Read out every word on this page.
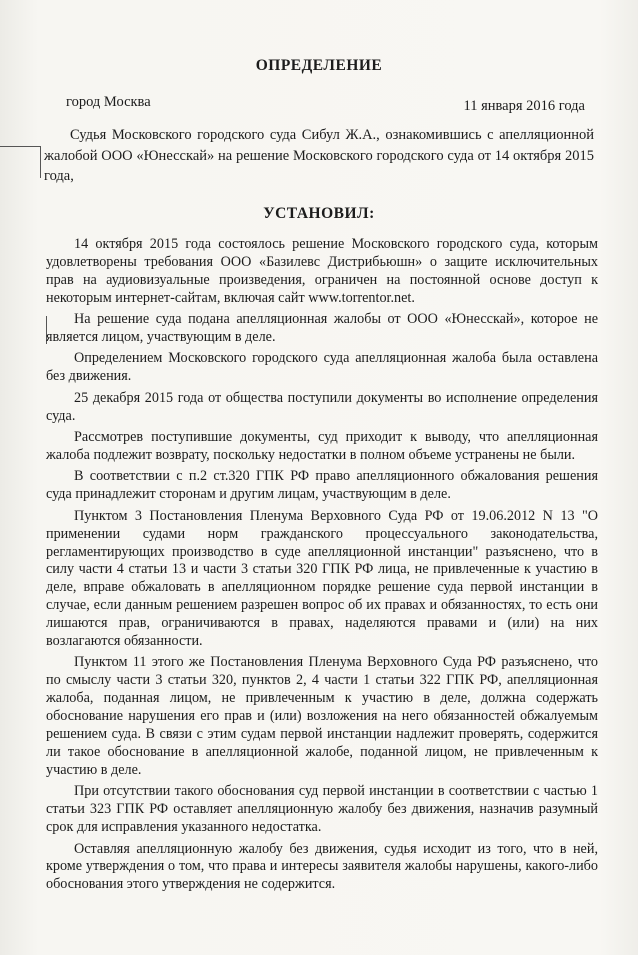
ОПРЕДЕЛЕНИЕ
город Москва	11 января 2016 года
Судья Московского городского суда Сибул Ж.А., ознакомившись с апелляционной жалобой ООО «Юнесскай» на решение Московского городского суда от 14 октября 2015 года,
УСТАНОВИЛ:

14 октября 2015 года состоялось решение Московского городского суда, которым удовлетворены требования ООО «Базилевс Дистрибьюшн» о защите исключительных прав на аудиовизуальные произведения, ограничен на постоянной основе доступ к некоторым интернет-сайтам, включая сайт www.torrentor.net.

На решение суда подана апелляционная жалобы от ООО «Юнесскай», которое не является лицом, участвующим в деле.

Определением Московского городского суда апелляционная жалоба была оставлена без движения.

25 декабря 2015 года от общества поступили документы во исполнение определения суда.

Рассмотрев поступившие документы, суд приходит к выводу, что апелляционная жалоба подлежит возврату, поскольку недостатки в полном объеме устранены не были.

В соответствии с п.2 ст.320 ГПК РФ право апелляционного обжалования решения суда принадлежит сторонам и другим лицам, участвующим в деле.

Пунктом 3 Постановления Пленума Верховного Суда РФ от 19.06.2012 N 13 "О применении судами норм гражданского процессуального законодательства, регламентирующих производство в суде апелляционной инстанции" разъяснено, что в силу части 4 статьи 13 и части 3 статьи 320 ГПК РФ лица, не привлеченные к участию в деле, вправе обжаловать в апелляционном порядке решение суда первой инстанции в случае, если данным решением разрешен вопрос об их правах и обязанностях, то есть они лишаются прав, ограничиваются в правах, наделяются правами и (или) на них возлагаются обязанности.

Пунктом 11 этого же Постановления Пленума Верховного Суда РФ разъяснено, что по смыслу части 3 статьи 320, пунктов 2, 4 части 1 статьи 322 ГПК РФ, апелляционная жалоба, поданная лицом, не привлеченным к участию в деле, должна содержать обоснование нарушения его прав и (или) возложения на него обязанностей обжалуемым решением суда. В связи с этим судам первой инстанции надлежит проверять, содержится ли такое обоснование в апелляционной жалобе, поданной лицом, не привлеченным к участию в деле.

При отсутствии такого обоснования суд первой инстанции в соответствии с частью 1 статьи 323 ГПК РФ оставляет апелляционную жалобу без движения, назначив разумный срок для исправления указанного недостатка.

Оставляя апелляционную жалобу без движения, судья исходит из того, что в ней, кроме утверждения о том, что права и интересы заявителя жалобы нарушены, какого-либо обоснования этого утверждения не содержится.
